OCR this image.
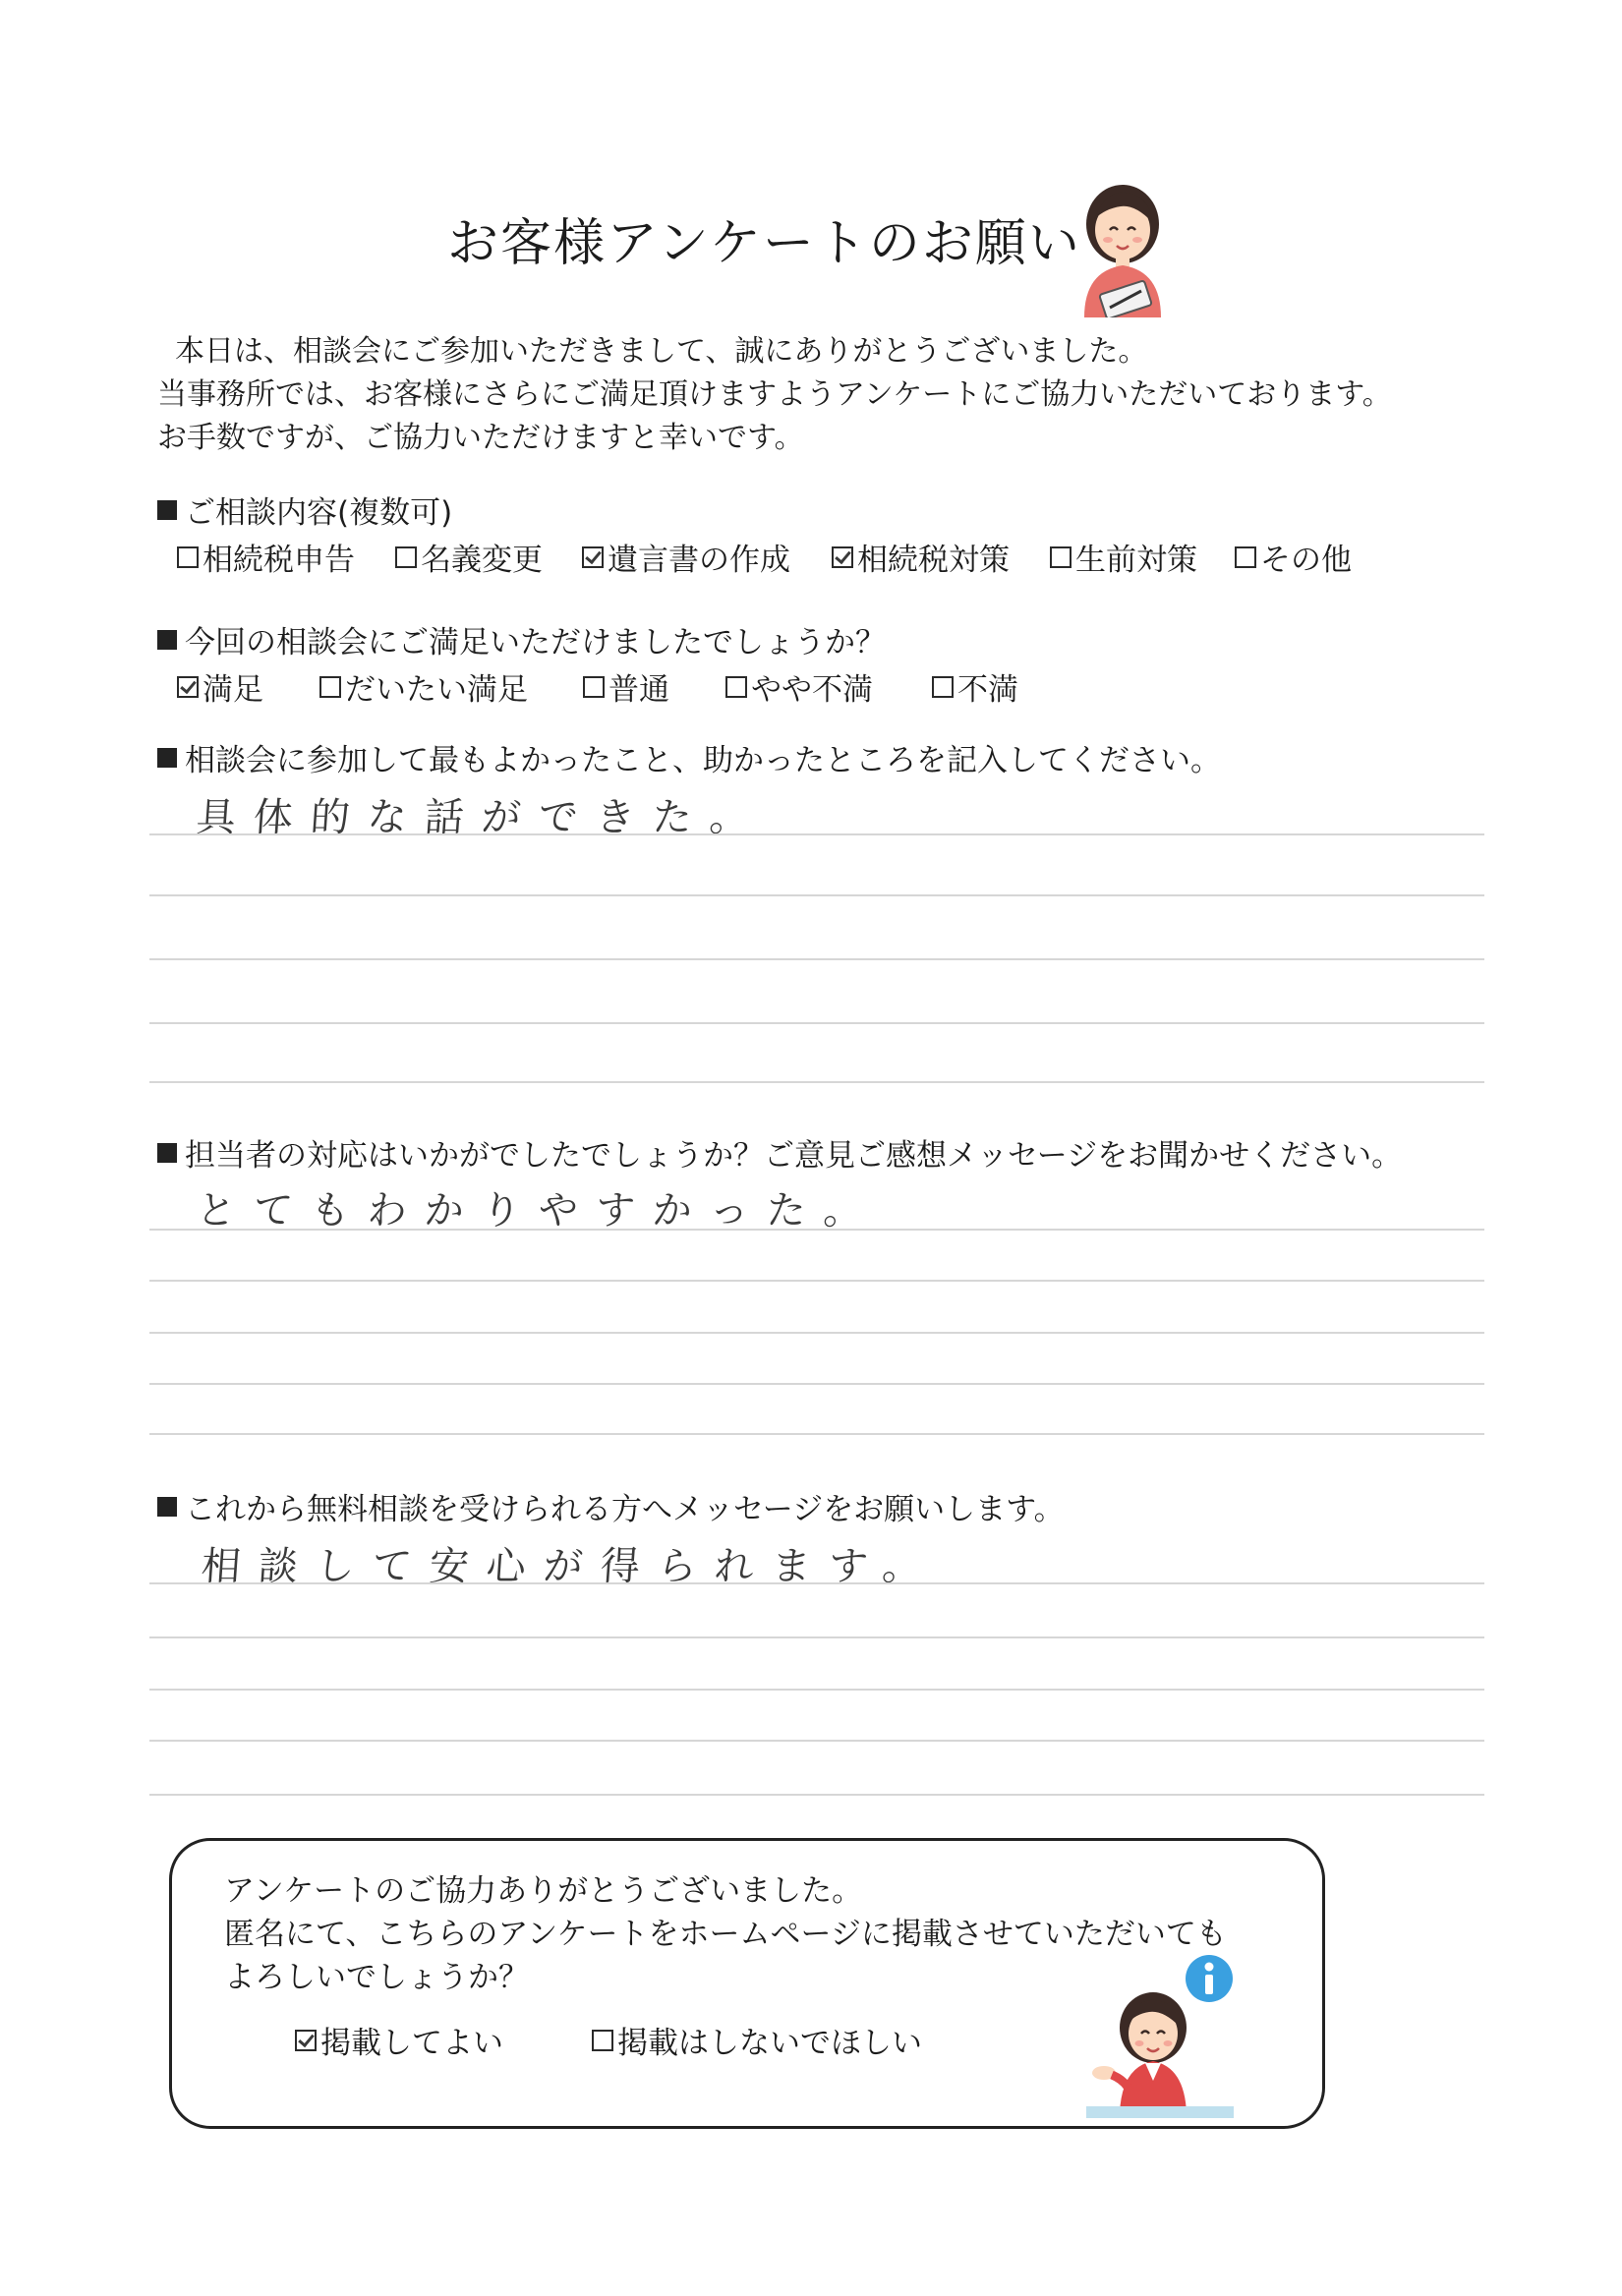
お客様アンケートのお願い
本日は、相談会にご参加いただきまして、誠にありがとうございました。
当事務所では、お客様にさらにご満足頂けますようアンケートにご協力いただいております。
お手数ですが、ご協力いただけますと幸いです。
ご相談内容(複数可)
相続税申告 名義変更 遺言書の作成 相続税対策 生前対策 その他
今回の相談会にご満足いただけましたでしょうか？
満足	だいたい満足	普通	やや不満	不満
相談会に参加して最もよかったこと、助かったところを記入してください。
具体的な話ができた。
担当者の対応はいかがでしたでしょうか？ご意見ご感想メッセージをお聞かせください。
とてもわかりやすかった。
これから無料相談を受けられる方へメッセージをお願いします。
相談して安心が得られます。
アンケートのご協力ありがとうございました。
匿名にて、こちらのアンケートをホームページに掲載させていただいても
よろしいでしょうか？
掲載してよい	掲載はしないでほしい
